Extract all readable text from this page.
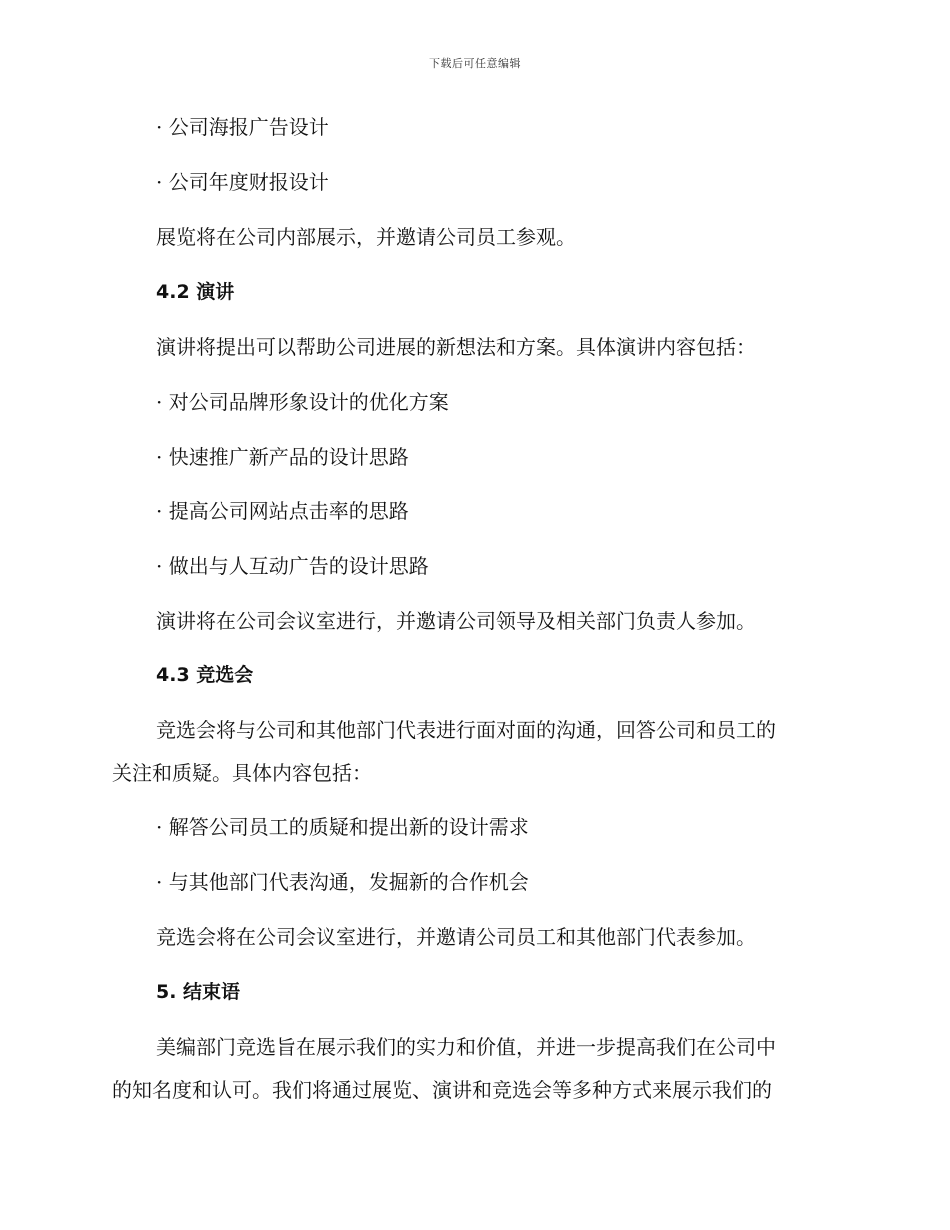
下载后可任意编辑
· 公司海报广告设计
· 公司年度财报设计
展览将在公司内部展示，并邀请公司员工参观。
4.2 演讲
演讲将提出可以帮助公司进展的新想法和方案。具体演讲内容包括：
· 对公司品牌形象设计的优化方案
· 快速推广新产品的设计思路
· 提高公司网站点击率的思路
· 做出与人互动广告的设计思路
演讲将在公司会议室进行，并邀请公司领导及相关部门负责人参加。
4.3 竞选会
竞选会将与公司和其他部门代表进行面对面的沟通，回答公司和员工的
关注和质疑。具体内容包括：
· 解答公司员工的质疑和提出新的设计需求
· 与其他部门代表沟通，发掘新的合作机会
竞选会将在公司会议室进行，并邀请公司员工和其他部门代表参加。
5. 结束语
美编部门竞选旨在展示我们的实力和价值，并进一步提高我们在公司中
的知名度和认可。我们将通过展览、演讲和竞选会等多种方式来展示我们的
